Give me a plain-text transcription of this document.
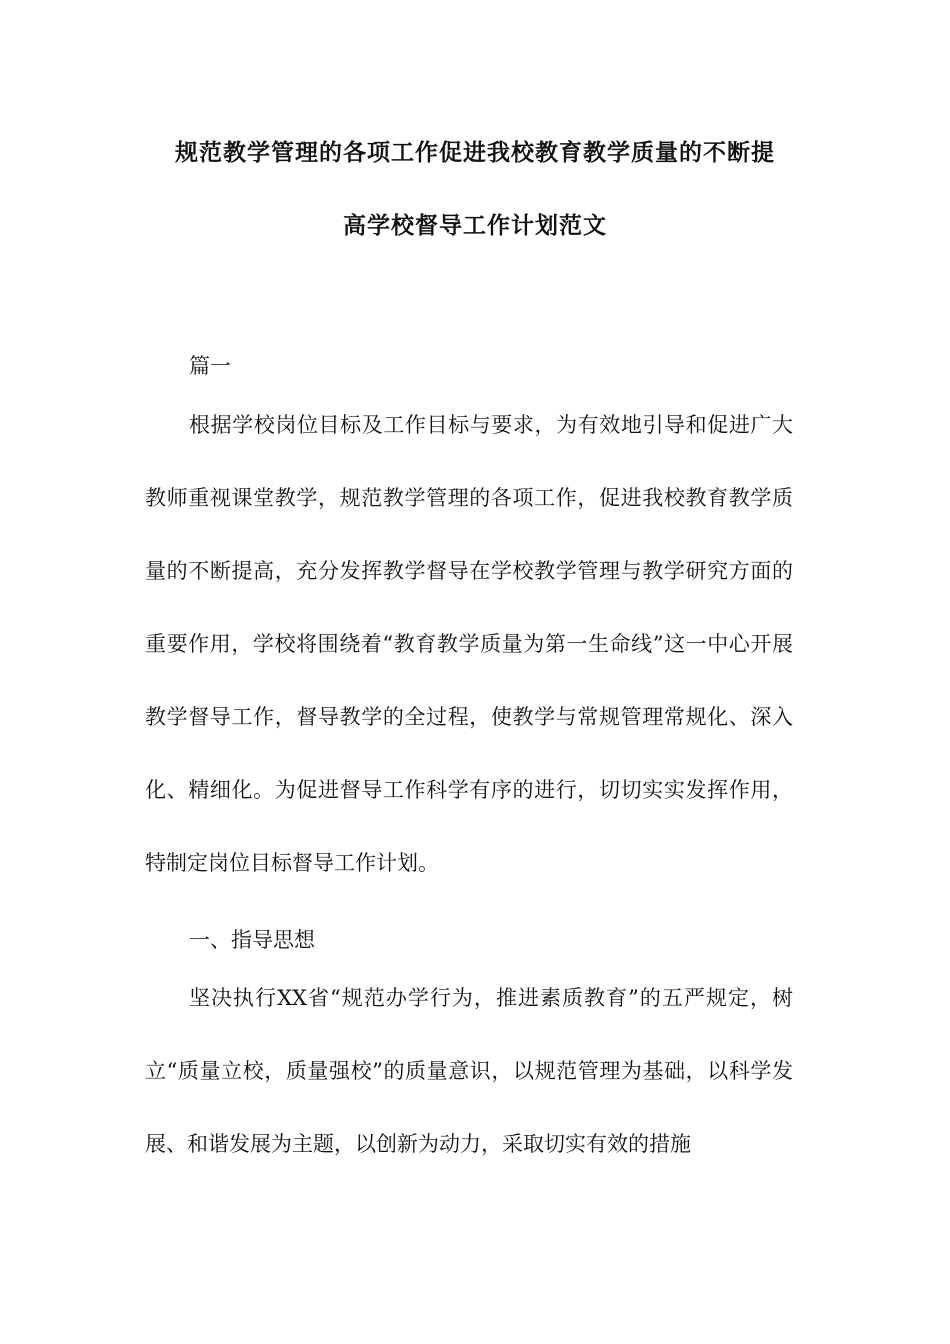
规范教学管理的各项工作促进我校教育教学质量的不断提
高学校督导工作计划范文
篇一
根据学校岗位目标及工作目标与要求，为有效地引导和促进广大教师重视课堂教学，规范教学管理的各项工作，促进我校教育教学质量的不断提高，充分发挥教学督导在学校教学管理与教学研究方面的重要作用，学校将围绕着“教育教学质量为第一生命线”这一中心开展教学督导工作，督导教学的全过程，使教学与常规管理常规化、深入化、精细化。为促进督导工作科学有序的进行，切切实实发挥作用，特制定岗位目标督导工作计划。
一、指导思想
坚决执行XX省“规范办学行为，推进素质教育”的五严规定，树立“质量立校，质量强校”的质量意识，以规范管理为基础，以科学发展、和谐发展为主题，以创新为动力，采取切实有效的措施
